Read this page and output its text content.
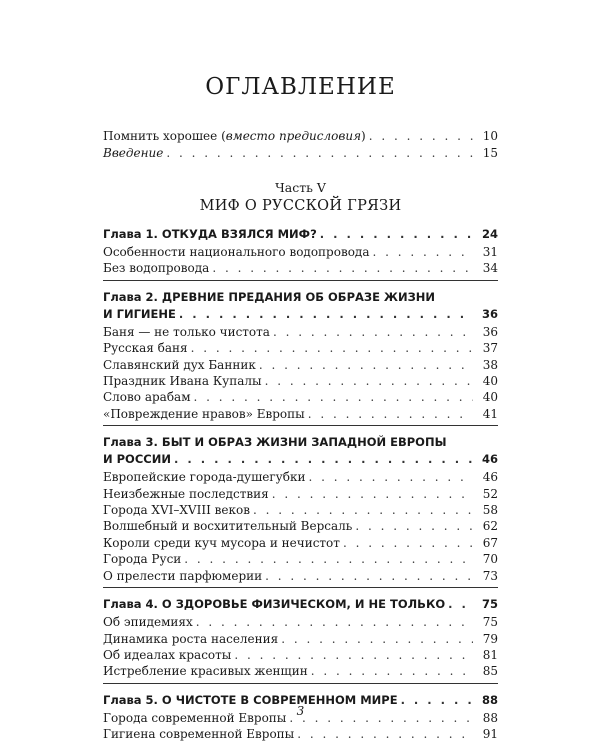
ОГЛАВЛЕНИЕ
Помнить хорошее (вместо предисловия) . . .	10
Введение . . .	15
Часть V
МИФ О РУССКОЙ ГРЯЗИ
Глава 1. ОТКУДА ВЗЯЛСЯ МИФ? . . .	24
Особенности национального водопровода . . .	31
Без водопровода . . .	34
Глава 2. ДРЕВНИЕ ПРЕДАНИЯ ОБ ОБРАЗЕ ЖИЗНИ
И ГИГИЕНЕ . . .	36
Баня — не только чистота . . .	36
Русская баня . . .	37
Славянский дух Банник . . .	38
Праздник Ивана Купалы . . .	40
Слово арабам . . .	40
«Повреждение нравов» Европы . . .	41
Глава 3. БЫТ И ОБРАЗ ЖИЗНИ ЗАПАДНОЙ ЕВРОПЫ
И РОССИИ . . .	46
Европейские города-душегубки . . .	46
Неизбежные последствия . . .	52
Города XVI–XVIII веков . . .	58
Волшебный и восхитительный Версаль . . .	62
Короли среди куч мусора и нечистот . . .	67
Города Руси . . .	70
О прелести парфюмерии . . .	73
Глава 4. О ЗДОРОВЬЕ ФИЗИЧЕСКОМ, И НЕ ТОЛЬКО . . .	75
Об эпидемиях . . .	75
Динамика роста населения . . .	79
Об идеалах красоты . . .	81
Истребление красивых женщин . . .	85
Глава 5. О ЧИСТОТЕ В СОВРЕМЕННОМ МИРЕ . . .	88
Города современной Европы . . .	88
Гигиена современной Европы . . .	91
3
